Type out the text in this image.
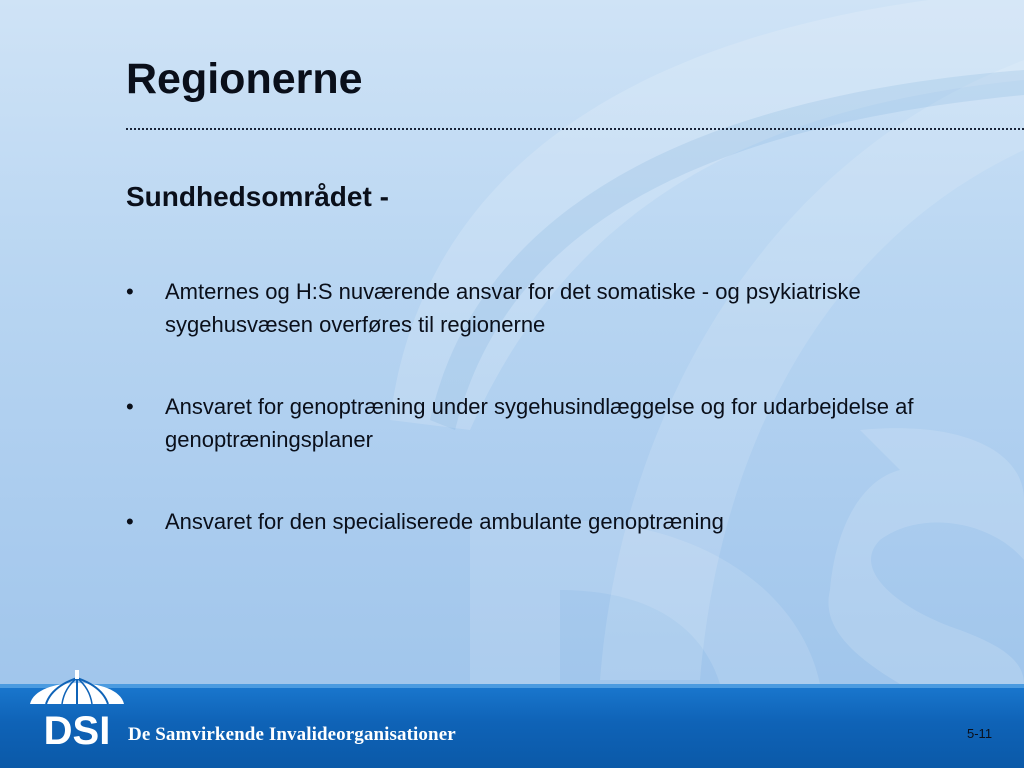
Regionerne
Sundhedsområdet -
• Amternes og H:S nuværende ansvar for det somatiske - og psykiatriske sygehusvæsen overføres til regionerne
• Ansvaret for genoptræning under sygehusindlæggelse og for udarbejdelse af genoptræningsplaner
• Ansvaret for den specialiserede ambulante genoptræning
DSI De Samvirkende Invalideorganisationer	5-11
